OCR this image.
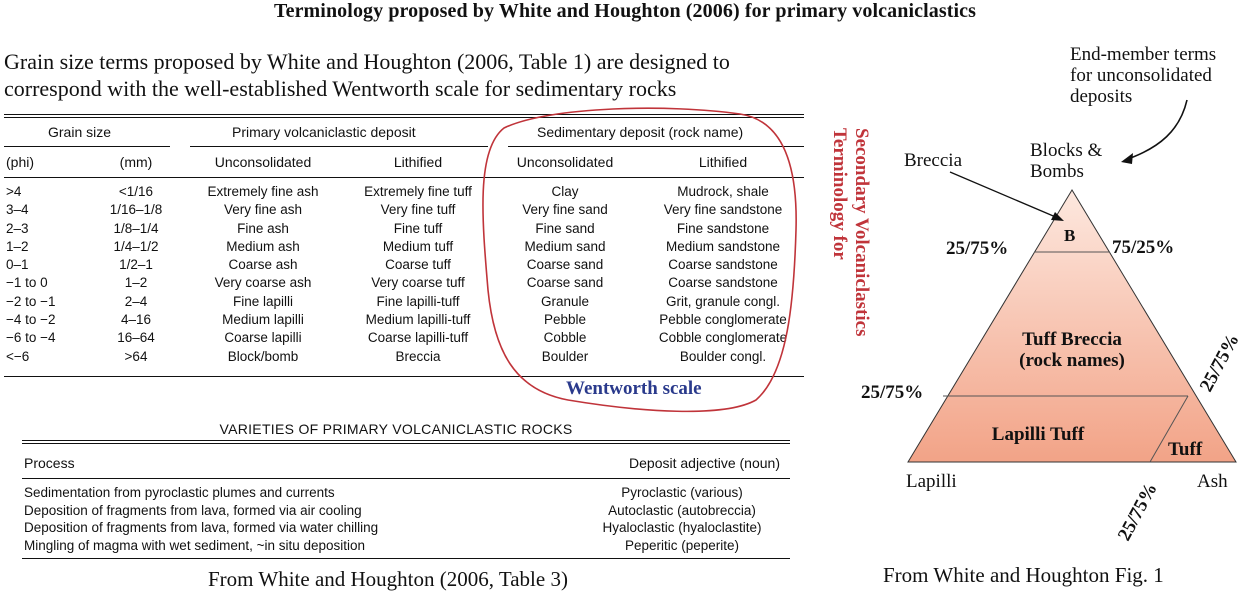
Terminology proposed by White and Houghton (2006) for primary volcaniclastics
Grain size terms proposed by White and Houghton (2006, Table 1) are designed to
correspond with the well-established Wentworth scale for sedimentary rocks
Grain size	Primary volcaniclastic deposit	Sedimentary deposit (rock name)
(phi)	(mm)	Unconsolidated	Lithified	Unconsolidated	Lithified
>4	<1/16	Extremely fine ash	Extremely fine tuff	Clay	Mudrock, shale
3–4	1/16–1/8	Very fine ash	Very fine tuff	Very fine sand	Very fine sandstone
2–3	1/8–1/4	Fine ash	Fine tuff	Fine sand	Fine sandstone
1–2	1/4–1/2	Medium ash	Medium tuff	Medium sand	Medium sandstone
0–1	1/2–1	Coarse ash	Coarse tuff	Coarse sand	Coarse sandstone
−1 to 0	1–2	Very coarse ash	Very coarse tuff	Coarse sand	Coarse sandstone
−2 to −1	2–4	Fine lapilli	Fine lapilli-tuff	Granule	Grit, granule congl.
−4 to −2	4–16	Medium lapilli	Medium lapilli-tuff	Pebble	Pebble conglomerate
−6 to −4	16–64	Coarse lapilli	Coarse lapilli-tuff	Cobble	Cobble conglomerate
<−6	>64	Block/bomb	Breccia	Boulder	Boulder congl.
Terminology for Secondary Volcaniclastics
Wentworth scale
VARIETIES OF PRIMARY VOLCANICLASTIC ROCKS
Process	Deposit adjective (noun)
Sedimentation from pyroclastic plumes and currents	Pyroclastic (various)
Deposition of fragments from lava, formed via air cooling	Autoclastic (autobreccia)
Deposition of fragments from lava, formed via water chilling	Hyaloclastic (hyaloclastite)
Mingling of magma with wet sediment, ~in situ deposition	Peperitic (peperite)
From White and Houghton (2006, Table 3)
End-member terms
for unconsolidated
deposits
Blocks &
Bombs
Breccia
B
25/75%	75/25%
25/75%	25/75%
25/75%
Tuff Breccia
(rock names)
Lapilli Tuff
Tuff
Lapilli	Ash
From White and Houghton Fig. 1
